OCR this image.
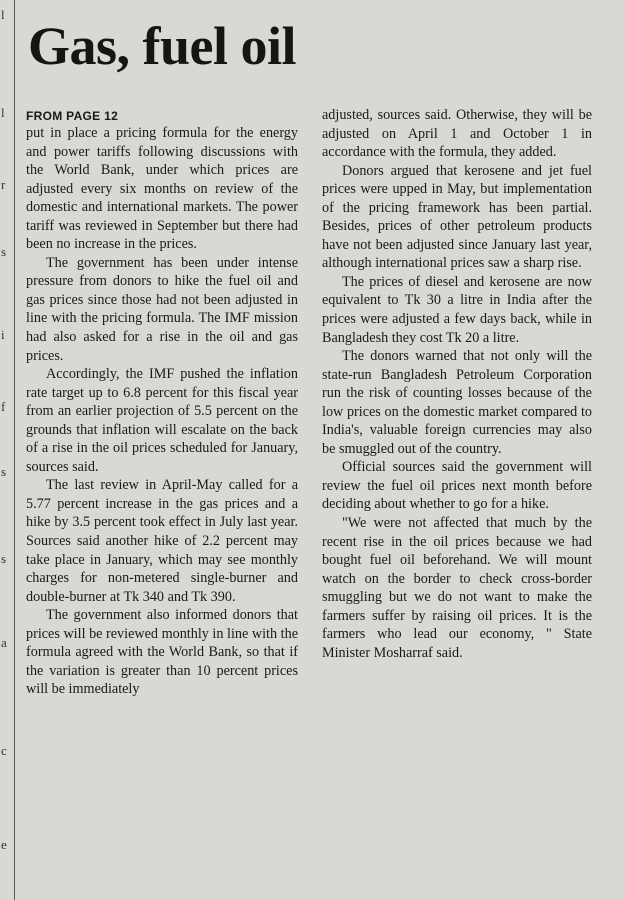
l
l
r
s
i
f
s
s
a
c
e
Gas, fuel oil
FROM PAGE 12

put in place a pricing formula for the energy and power tariffs following discussions with the World Bank, under which prices are adjusted every six months on review of the domestic and international markets. The power tariff was reviewed in September but there had been no increase in the prices.

The government has been under intense pressure from donors to hike the fuel oil and gas prices since those had not been adjusted in line with the pricing formula. The IMF mission had also asked for a rise in the oil and gas prices.

Accordingly, the IMF pushed the inflation rate target up to 6.8 percent for this fiscal year from an earlier projection of 5.5 percent on the grounds that inflation will escalate on the back of a rise in the oil prices scheduled for January, sources said.

The last review in April-May called for a 5.77 percent increase in the gas prices and a hike by 3.5 percent took effect in July last year. Sources said another hike of 2.2 percent may take place in January, which may see monthly charges for non-metered single-burner and double-burner at Tk 340 and Tk 390.

The government also informed donors that prices will be reviewed monthly in line with the formula agreed with the World Bank, so that if the variation is greater than 10 percent prices will be immediately

adjusted, sources said. Otherwise, they will be adjusted on April 1 and October 1 in accordance with the formula, they added.

Donors argued that kerosene and jet fuel prices were upped in May, but implementation of the pricing framework has been partial. Besides, prices of other petroleum products have not been adjusted since January last year, although international prices saw a sharp rise.

The prices of diesel and kerosene are now equivalent to Tk 30 a litre in India after the prices were adjusted a few days back, while in Bangladesh they cost Tk 20 a litre.

The donors warned that not only will the state-run Bangladesh Petroleum Corporation run the risk of counting losses because of the low prices on the domestic market compared to India's, valuable foreign currencies may also be smuggled out of the country.

Official sources said the government will review the fuel oil prices next month before deciding about whether to go for a hike.

"We were not affected that much by the recent rise in the oil prices because we had bought fuel oil beforehand. We will mount watch on the border to check cross-border smuggling but we do not want to make the farmers suffer by raising oil prices. It is the farmers who lead our economy, " State Minister Mosharraf said.
